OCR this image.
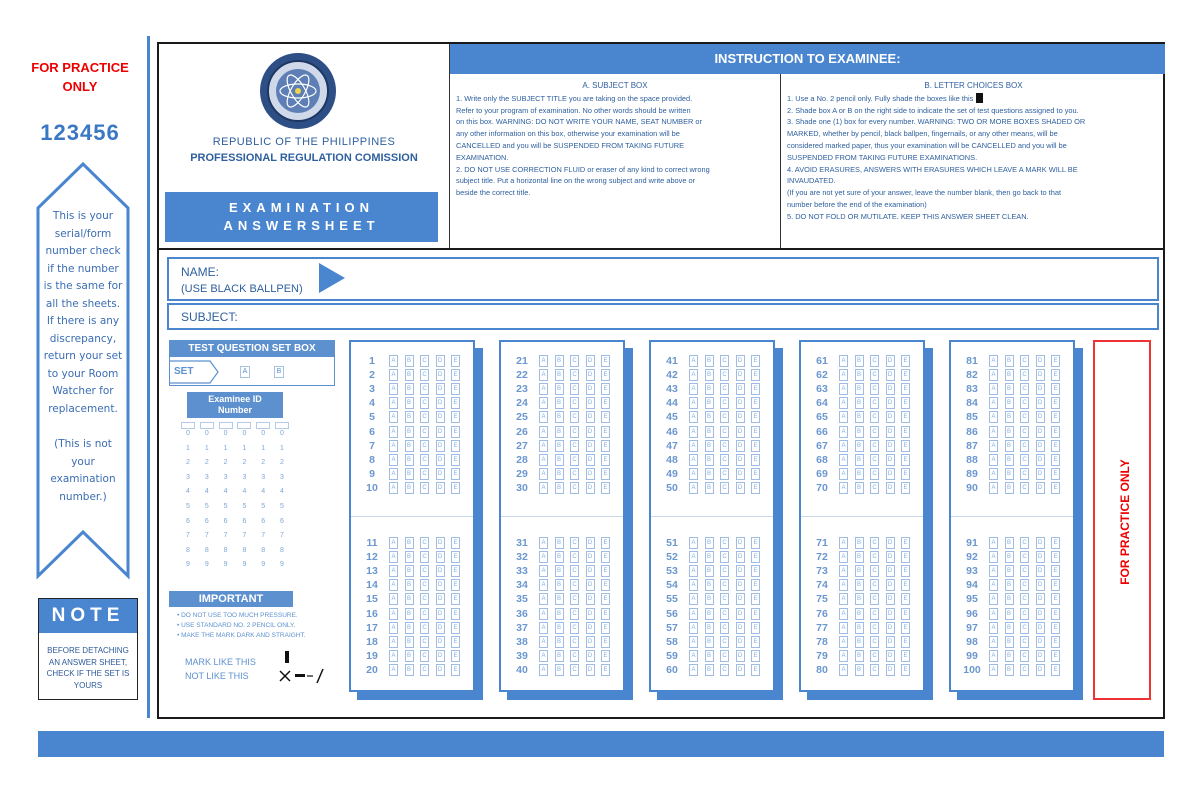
FOR PRACTICE
ONLY
123456
This is your
serial/form
number check
if the number
is the same for
all the sheets.
If there is any
discrepancy,
return your set
to your Room
Watcher for
replacement.
(This is not
your
examination
number.)
NOTE
BEFORE DETACHING
AN ANSWER SHEET,
CHECK IF THE SET IS
YOURS
REPUBLIC OF THE PHILIPPINES
PROFESSIONAL REGULATION COMISSION
EXAMINATION
ANSWERSHEET
INSTRUCTION TO EXAMINEE:
A. SUBJECT BOX
1. Write only the SUBJECT TITLE you are taking on the space provided.
Refer to your program of examination. No other words should be written
on this box. WARNING: DO NOT WRITE YOUR NAME, SEAT NUMBER or
any other information on this box, otherwise your examination will be
CANCELLED and you will be SUSPENDED FROM TAKING FUTURE
EXAMINATION.
2. DO NOT USE CORRECTION FLUID or eraser of any kind to correct wrong
subject title. Put a horizontal line on the wrong subject and write above or
beside the correct title.
B. LETTER CHOICES BOX
1. Use a No. 2 pencil only. Fully shade the boxes like this
2. Shade box A or B on the right side to indicate the set of test questions assigned to you.
3. Shade one (1) box for every number. WARNING: TWO OR MORE BOXES SHADED OR
MARKED, whether by pencil, black ballpen, fingernails, or any other means, will be
considered marked paper, thus your examination will be CANCELLED and you will be
SUSPENDED FROM TAKING FUTURE EXAMINATIONS.
4. AVOID ERASURES, ANSWERS WITH ERASURES WHICH LEAVE A MARK WILL BE
INVAUDATED.
(If you are not yet sure of your answer, leave the number blank, then go back to that
number before the end of the examination)
5. DO NOT FOLD OR MUTILATE. KEEP THIS ANSWER SHEET CLEAN.
NAME:
(USE BLACK BALLPEN)
SUBJECT:
TEST QUESTION SET BOX
SET	A	B
Examinee ID
Number
0	0	0	0	0	0
1	1	1	1	1	1
2	2	2	2	2	2
3	3	3	3	3	3
4	4	4	4	4	4
5	5	5	5	5	5
6	6	6	6	6	6
7	7	7	7	7	7
8	8	8	8	8	8
9	9	9	9	9	9
IMPORTANT
• DO NOT USE TOO MUCH PRESSURE.
• USE STANDARD NO. 2 PENCIL ONLY.
• MAKE THE MARK DARK AND STRAIGHT.
MARK LIKE THIS
NOT LIKE THIS
1	A	B	C	D	E
2	A	B	C	D	E
3	A	B	C	D	E
4	A	B	C	D	E
5	A	B	C	D	E
6	A	B	C	D	E
7	A	B	C	D	E
8	A	B	C	D	E
9	A	B	C	D	E
10	A	B	C	D	E
11	A	B	C	D	E
12	A	B	C	D	E
13	A	B	C	D	E
14	A	B	C	D	E
15	A	B	C	D	E
16	A	B	C	D	E
17	A	B	C	D	E
18	A	B	C	D	E
19	A	B	C	D	E
20	A	B	C	D	E
21	A	B	C	D	E
22	A	B	C	D	E
23	A	B	C	D	E
24	A	B	C	D	E
25	A	B	C	D	E
26	A	B	C	D	E
27	A	B	C	D	E
28	A	B	C	D	E
29	A	B	C	D	E
30	A	B	C	D	E
31	A	B	C	D	E
32	A	B	C	D	E
33	A	B	C	D	E
34	A	B	C	D	E
35	A	B	C	D	E
36	A	B	C	D	E
37	A	B	C	D	E
38	A	B	C	D	E
39	A	B	C	D	E
40	A	B	C	D	E
41	A	B	C	D	E
42	A	B	C	D	E
43	A	B	C	D	E
44	A	B	C	D	E
45	A	B	C	D	E
46	A	B	C	D	E
47	A	B	C	D	E
48	A	B	C	D	E
49	A	B	C	D	E
50	A	B	C	D	E
51	A	B	C	D	E
52	A	B	C	D	E
53	A	B	C	D	E
54	A	B	C	D	E
55	A	B	C	D	E
56	A	B	C	D	E
57	A	B	C	D	E
58	A	B	C	D	E
59	A	B	C	D	E
60	A	B	C	D	E
61	A	B	C	D	E
62	A	B	C	D	E
63	A	B	C	D	E
64	A	B	C	D	E
65	A	B	C	D	E
66	A	B	C	D	E
67	A	B	C	D	E
68	A	B	C	D	E
69	A	B	C	D	E
70	A	B	C	D	E
71	A	B	C	D	E
72	A	B	C	D	E
73	A	B	C	D	E
74	A	B	C	D	E
75	A	B	C	D	E
76	A	B	C	D	E
77	A	B	C	D	E
78	A	B	C	D	E
79	A	B	C	D	E
80	A	B	C	D	E
81	A	B	C	D	E
82	A	B	C	D	E
83	A	B	C	D	E
84	A	B	C	D	E
85	A	B	C	D	E
86	A	B	C	D	E
87	A	B	C	D	E
88	A	B	C	D	E
89	A	B	C	D	E
90	A	B	C	D	E
91	A	B	C	D	E
92	A	B	C	D	E
93	A	B	C	D	E
94	A	B	C	D	E
95	A	B	C	D	E
96	A	B	C	D	E
97	A	B	C	D	E
98	A	B	C	D	E
99	A	B	C	D	E
100	A	B	C	D	E
FOR PRACTICE ONLY
